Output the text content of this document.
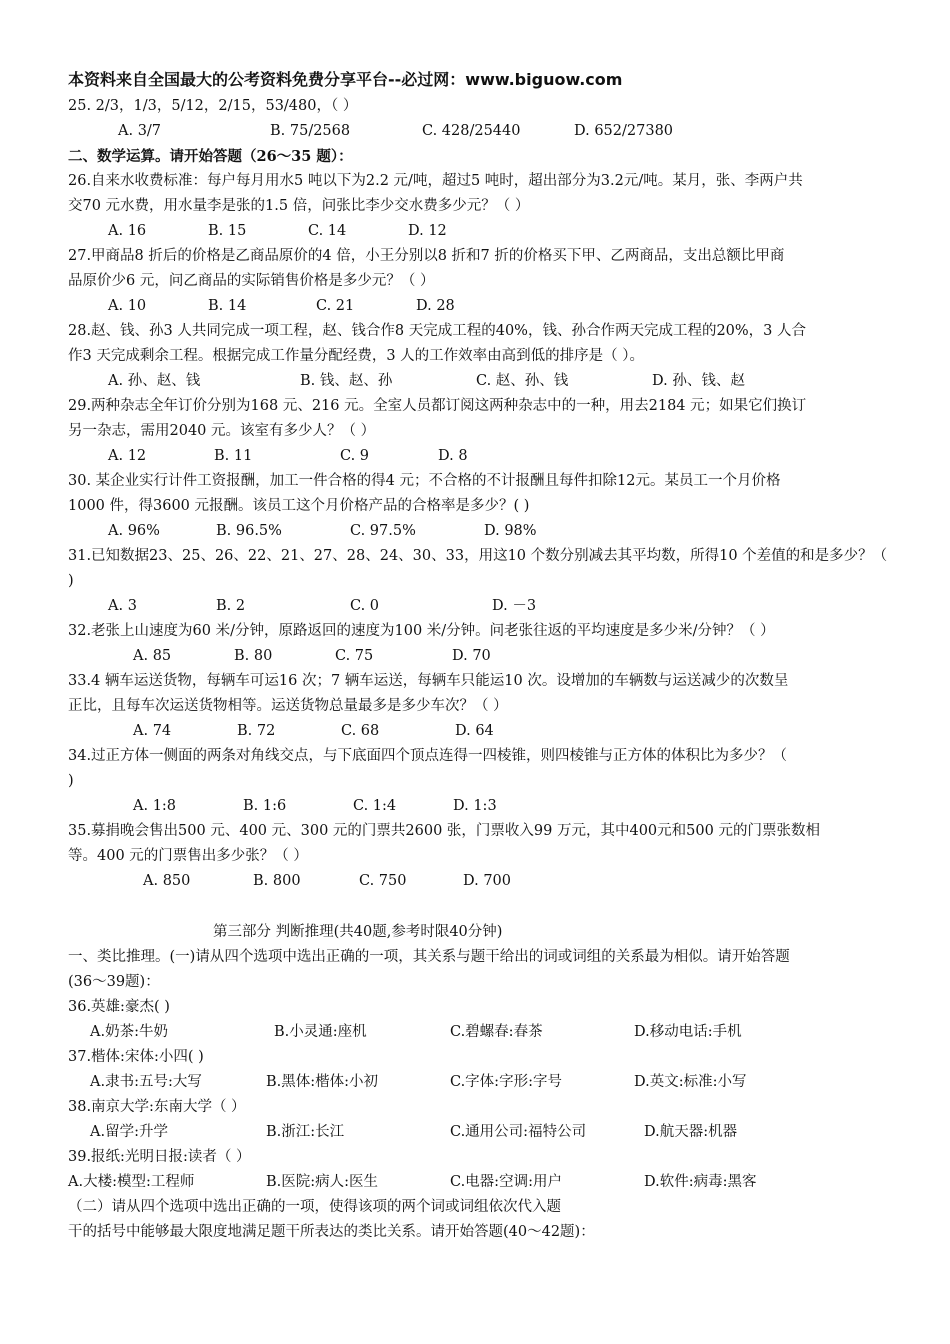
本资料来自全国最大的公考资料免费分享平台--必过网：www.biguow.com
25. 2/3，1/3，5/12，2/15，53/480，（ ）
A. 3/7	B. 75/2568	C. 428/25440	D. 652/27380
二、数学运算。请开始答题（26～35 题）：
26.自来水收费标准：每户每月用水5 吨以下为2.2 元/吨，超过5 吨时，超出部分为3.2元/吨。某月，张、李两户共
交70 元水费，用水量李是张的1.5 倍，问张比李少交水费多少元？（ ）
A. 16	B. 15	C. 14	D. 12
27.甲商品8 折后的价格是乙商品原价的4 倍，小王分别以8 折和7 折的价格买下甲、乙两商品，支出总额比甲商
品原价少6 元，问乙商品的实际销售价格是多少元？（ ）
A. 10	B. 14	C. 21	D. 28
28.赵、钱、孙3 人共同完成一项工程，赵、钱合作8 天完成工程的40%，钱、孙合作两天完成工程的20%，3 人合
作3 天完成剩余工程。根据完成工作量分配经费，3 人的工作效率由高到低的排序是（ ）。
A. 孙、赵、钱	B. 钱、赵、孙	C. 赵、孙、钱	D. 孙、钱、赵
29.两种杂志全年订价分别为168 元、216 元。全室人员都订阅这两种杂志中的一种，用去2184 元；如果它们换订
另一杂志，需用2040 元。该室有多少人？（ ）
A. 12	B. 11	C. 9	D. 8
30. 某企业实行计件工资报酬，加工一件合格的得4 元；不合格的不计报酬且每件扣除12元。某员工一个月价格
1000 件，得3600 元报酬。该员工这个月价格产品的合格率是多少？( )
A. 96%	B. 96.5%	C. 97.5%	D. 98%
31.已知数据23、25、26、22、21、27、28、24、30、33，用这10 个数分别减去其平均数，所得10 个差值的和是多少？（
)
A. 3	B. 2	C. 0	D. －3
32.老张上山速度为60 米/分钟，原路返回的速度为100 米/分钟。问老张往返的平均速度是多少米/分钟？（ ）
A. 85	B. 80	C. 75	D. 70
33.4 辆车运送货物，每辆车可运16 次；7 辆车运送，每辆车只能运10 次。设增加的车辆数与运送减少的次数呈
正比，且每车次运送货物相等。运送货物总量最多是多少车次？（ ）
A. 74	B. 72	C. 68	D. 64
34.过正方体一侧面的两条对角线交点，与下底面四个顶点连得一四棱锥，则四棱锥与正方体的体积比为多少？（
)
A. 1:8	B. 1:6	C. 1:4	D. 1:3
35.募捐晚会售出500 元、400 元、300 元的门票共2600 张，门票收入99 万元，其中400元和500 元的门票张数相
等。400 元的门票售出多少张？（ ）
A. 850	B. 800	C. 750	D. 700
第三部分 判断推理(共40题,参考时限40分钟)
一、类比推理。(一)请从四个选项中选出正确的一项，其关系与题干给出的词或词组的关系最为相似。请开始答题
(36～39题)：
36.英雄:豪杰( )
A.奶茶:牛奶	B.小灵通:座机	C.碧螺春:春茶	D.移动电话:手机
37.楷体:宋体:小四( )
A.隶书:五号:大写	B.黑体:楷体:小初	C.字体:字形:字号	D.英文:标准:小写
38.南京大学:东南大学（ ）
A.留学:升学	B.浙江:长江	C.通用公司:福特公司	D.航天器:机器
39.报纸:光明日报:读者（ ）
A.大楼:模型:工程师	B.医院:病人:医生	C.电器:空调:用户	D.软件:病毒:黑客
（二）请从四个选项中选出正确的一项，使得该项的两个词或词组依次代入题
干的括号中能够最大限度地满足题干所表达的类比关系。请开始答题(40～42题)：
